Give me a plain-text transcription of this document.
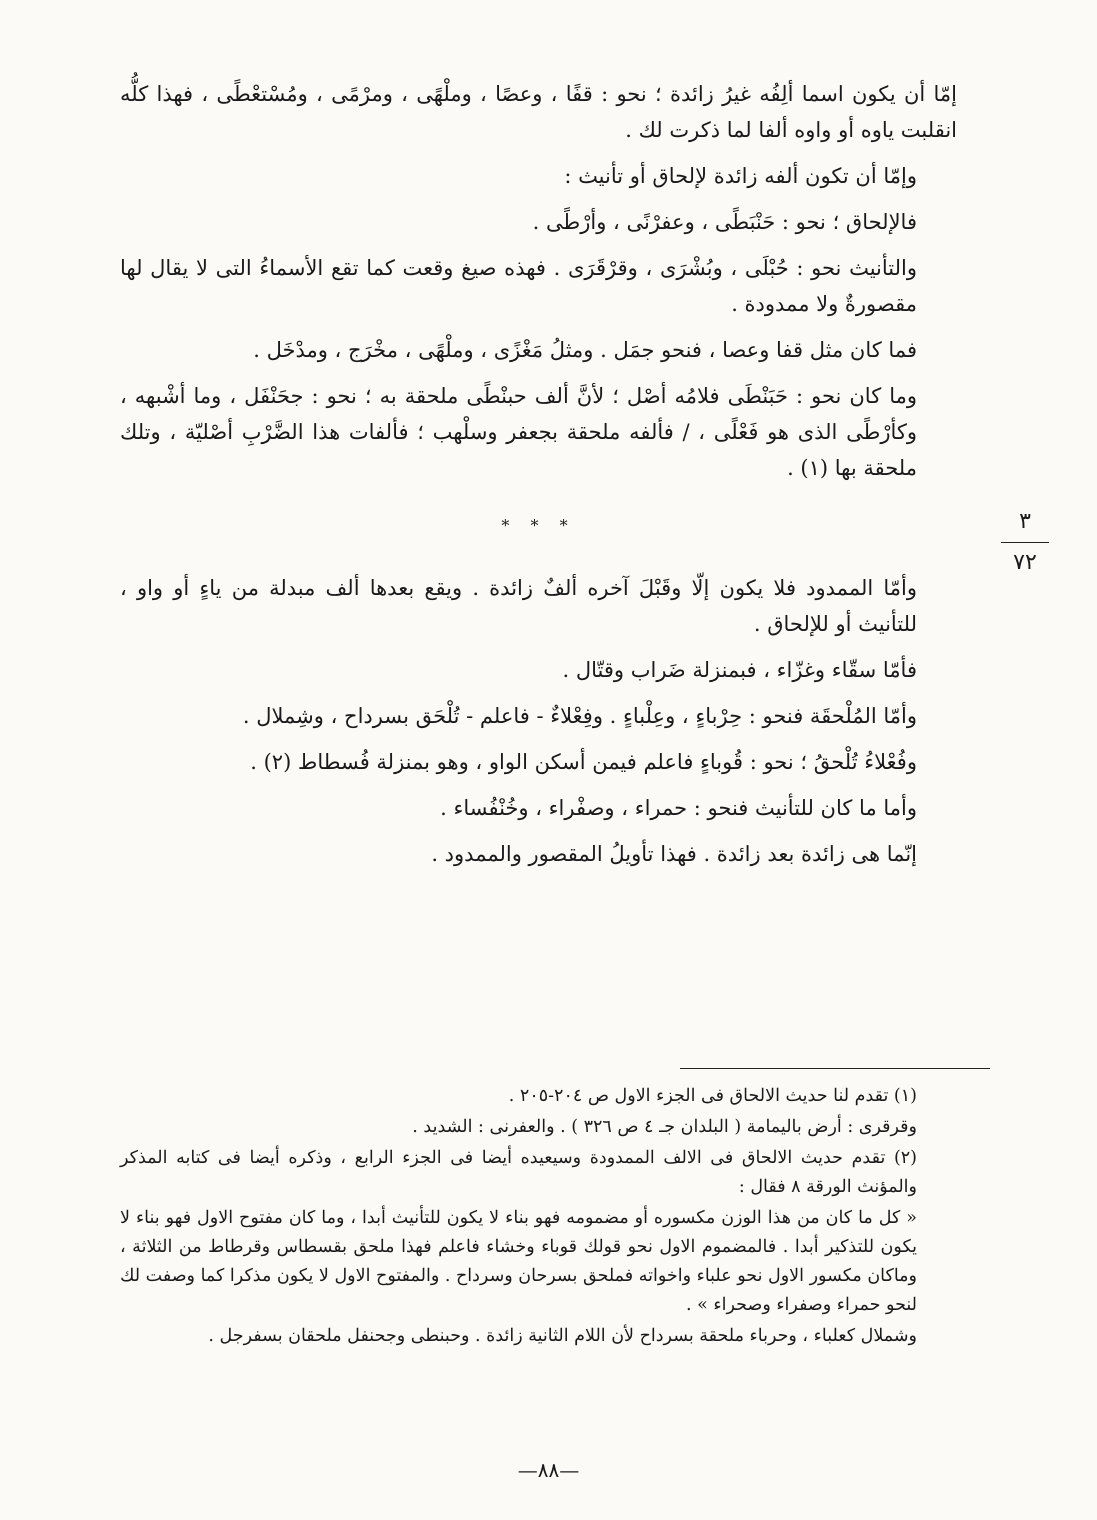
إمّا أن يكون اسما ألِفُه غيرُ زائدة ؛ نحو : قفًا ، وعصًا ، وملْهًى ، ومرْمًى ، ومُسْتعْطًى ، فهذا كلُّه انقلبت ياوه أو واوه ألفا لما ذكرت لك .

وإمّا أن تكون ألفه زائدة لإلحاق أو تأنيث :

فالإلحاق ؛ نحو : حَنْبَطًى ، وعفرْنًى ، وأرْطًى .

والتأنيث نحو : حُبْلَى ، وبُشْرَى ، وقرْقَرَى . فهذه صيغ وقعت كما تقع الأسماءُ التى لا يقال لها مقصورةٌ ولا ممدودة .

فما كان مثل قفا وعصا ، فنحو جمَل . ومثلُ مَغْزًى ، وملْهًى ، مخْرَج ، ومدْخَل .

وما كان نحو : حَبَنْطَى فلامُه أصْل ؛ لأنَّ ألف حبنْطًى ملحقة به ؛ نحو : جحَنْفَل ، وما أشْبهه ، وكأرْطًى الذى هو فَعْلًى ، / فألفه ملحقة بجعفر وسلْهب ؛ فألفات هذا الضَّرْبِ أصْليّة ، وتلك ملحقة بها (١) .

* * *

وأمّا الممدود فلا يكون إلّا وقَبْلَ آخره ألفٌ زائدة . ويقع بعدها ألف مبدلة من ياءٍ أو واو ، للتأنيث أو للإلحاق .

فأمّا سقّاء وغزّاء ، فبمنزلة ضَراب وقتّال .

وأمّا المُلْحقَة فنحو : حِرْباءٍ ، وعِلْباءٍ . وفِعْلاءٌ - فاعلم - تُلْحَق بسرداح ، وشِملال .

وفُعْلاءُ تُلْحقُ ؛ نحو : قُوباءٍ فاعلم فيمن أسكن الواو ، وهو بمنزلة فُسطاط (٢) .

وأما ما كان للتأنيث فنحو : حمراء ، وصفْراء ، وخُنْفُساء .

إنّما هى زائدة بعد زائدة . فهذا تأويلُ المقصور والممدود .

٣
٧٢

(١) تقدم لنا حديث الالحاق فى الجزء الاول ص ٢٠٤-٢٠٥ .

وقرقرى : أرض باليمامة ( البلدان جـ ٤ ص ٣٢٦ ) . والعفرنى : الشديد .

(٢) تقدم حديث الالحاق فى الالف الممدودة وسيعيده أيضا فى الجزء الرابع ، وذكره أيضا فى كتابه المذكر والمؤنث الورقة ٨ فقال :

« كل ما كان من هذا الوزن مكسوره أو مضمومه فهو بناء لا يكون للتأنيث أبدا ، وما كان مفتوح الاول فهو بناء لا يكون للتذكير أبدا . فالمضموم الاول نحو قولك قوباء وخشاء فاعلم فهذا ملحق بقسطاس وقرطاط من الثلاثة ، وماكان مكسور الاول نحو علباء واخواته فملحق بسرحان وسرداح . والمفتوح الاول لا يكون مذكرا كما وصفت لك لنحو حمراء وصفراء وصحراء » .

وشملال كعلباء ، وحرباء ملحقة بسرداح لأن اللام الثانية زائدة . وحبنطى وجحنفل ملحقان بسفرجل .

—٨٨—
